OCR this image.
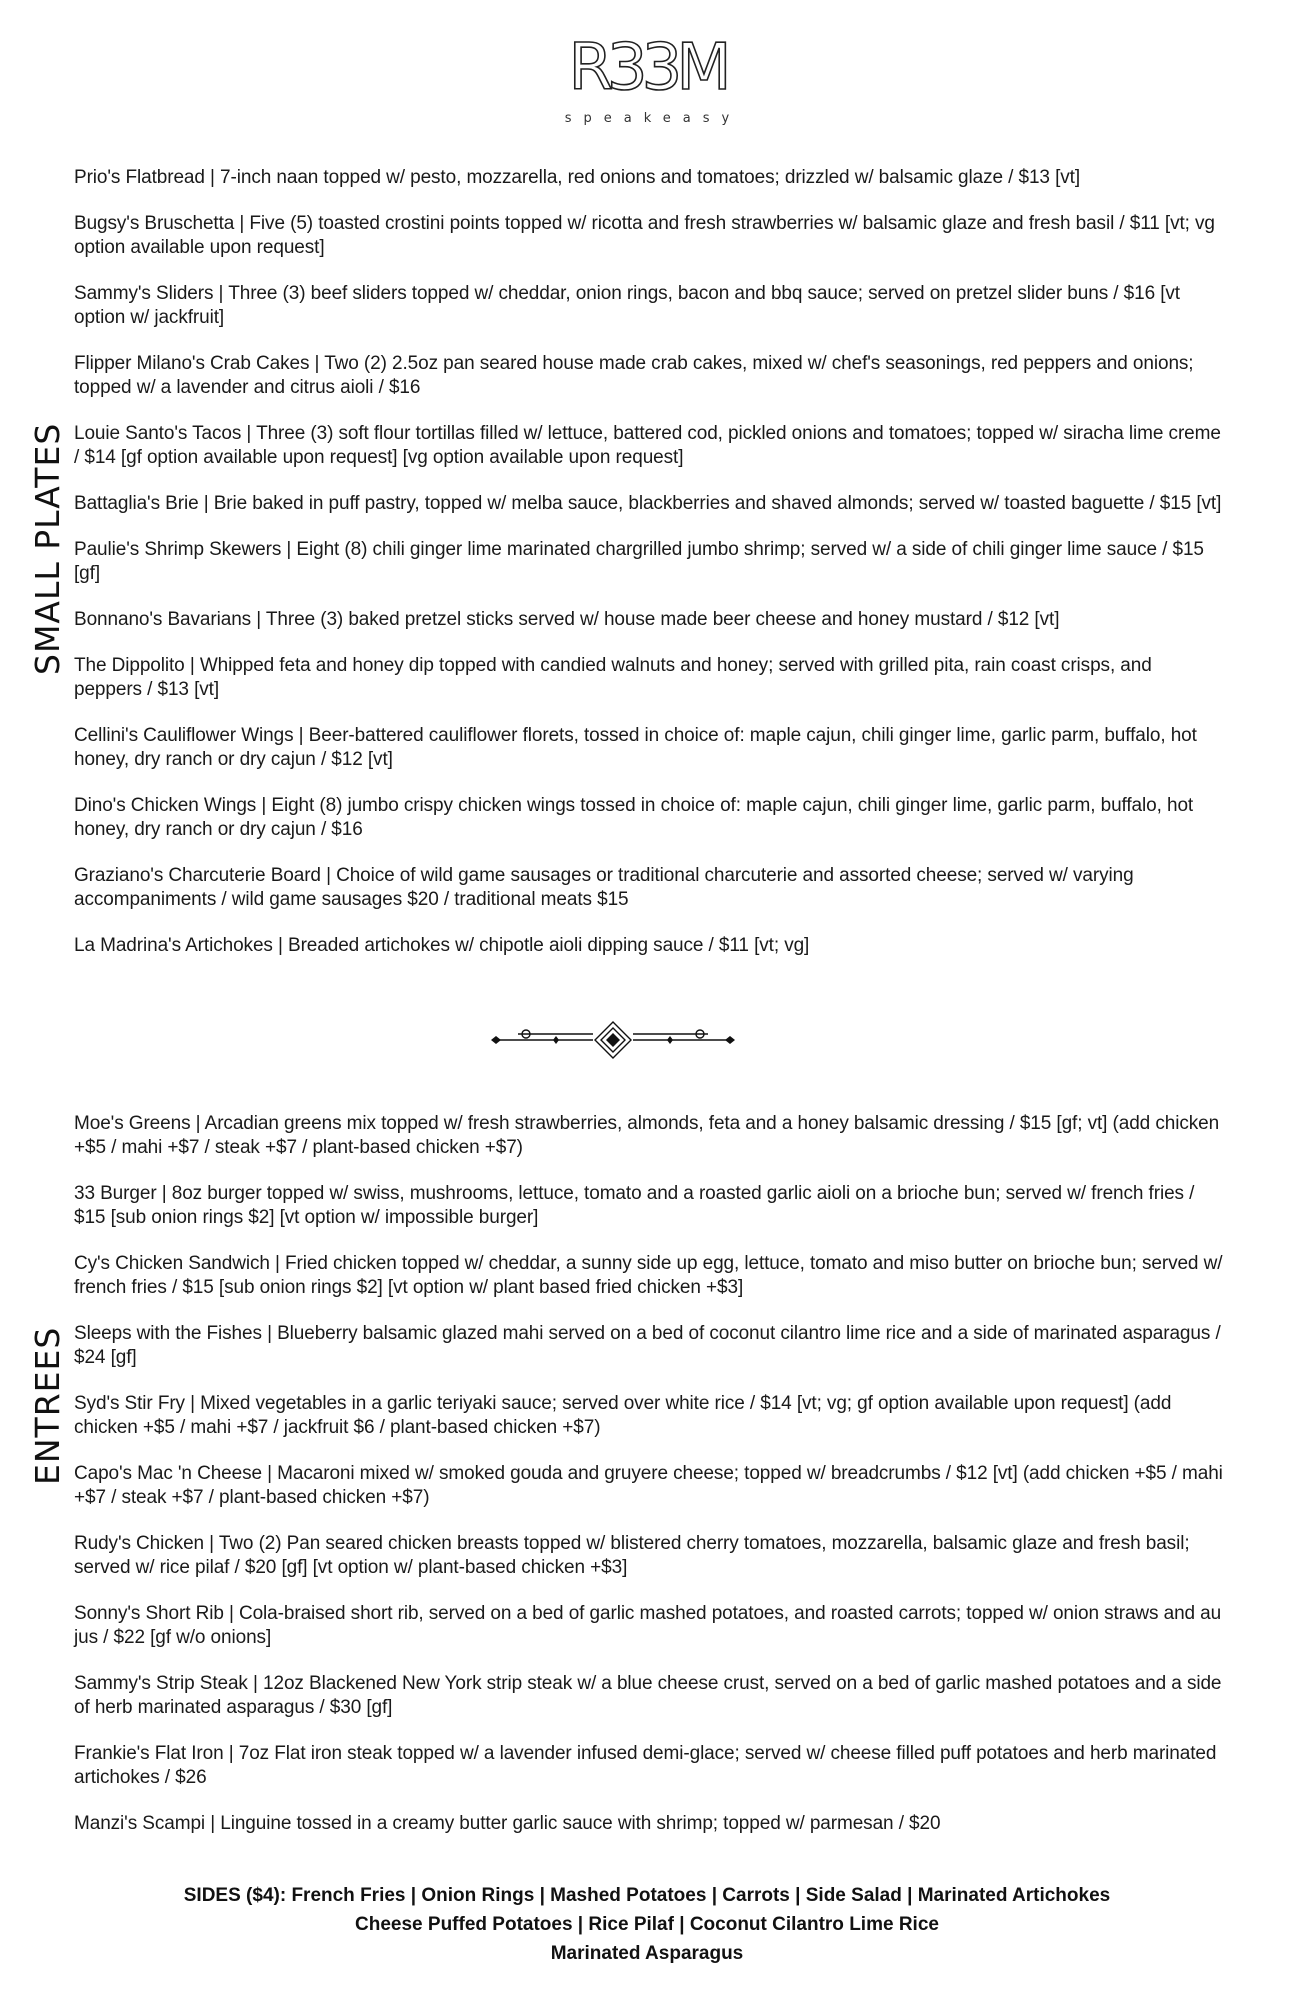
R33M
speakeasy
SMALL PLATES
Prio's Flatbread | 7-inch naan topped w/ pesto, mozzarella, red onions and tomatoes; drizzled w/ balsamic glaze / $13 [vt]
Bugsy's Bruschetta | Five (5) toasted crostini points topped w/ ricotta and fresh strawberries w/ balsamic glaze and fresh basil / $11 [vt; vg option available upon request]
Sammy's Sliders | Three (3) beef sliders topped w/ cheddar, onion rings, bacon and bbq sauce; served on pretzel slider buns / $16 [vt option w/ jackfruit]
Flipper Milano's Crab Cakes | Two (2) 2.5oz pan seared house made crab cakes, mixed w/ chef's seasonings, red peppers and onions; topped w/ a lavender and citrus aioli / $16
Louie Santo's Tacos | Three (3) soft flour tortillas filled w/ lettuce, battered cod, pickled onions and tomatoes; topped w/ siracha lime creme / $14 [gf option available upon request] [vg option available upon request]
Battaglia's Brie | Brie baked in puff pastry, topped w/ melba sauce, blackberries and shaved almonds; served w/ toasted baguette / $15 [vt]
Paulie's Shrimp Skewers | Eight (8) chili ginger lime marinated chargrilled jumbo shrimp; served w/ a side of chili ginger lime sauce / $15 [gf]
Bonnano's Bavarians | Three (3) baked pretzel sticks served w/ house made beer cheese and honey mustard / $12 [vt]
The Dippolito | Whipped feta and honey dip topped with candied walnuts and honey; served with grilled pita, rain coast crisps, and peppers / $13 [vt]
Cellini's Cauliflower Wings | Beer-battered cauliflower florets, tossed in choice of: maple cajun, chili ginger lime, garlic parm, buffalo, hot honey, dry ranch or dry cajun / $12 [vt]
Dino's Chicken Wings | Eight (8) jumbo crispy chicken wings tossed in choice of: maple cajun, chili ginger lime, garlic parm, buffalo, hot honey, dry ranch or dry cajun / $16
Graziano's Charcuterie Board | Choice of wild game sausages or traditional charcuterie and assorted cheese; served w/ varying accompaniments / wild game sausages $20 / traditional meats $15
La Madrina's Artichokes | Breaded artichokes w/ chipotle aioli dipping sauce / $11 [vt; vg]
ENTREES
Moe's Greens | Arcadian greens mix topped w/ fresh strawberries, almonds, feta and a honey balsamic dressing / $15 [gf; vt] (add chicken +$5 / mahi +$7 / steak +$7 / plant-based chicken +$7)
33 Burger | 8oz burger topped w/ swiss, mushrooms, lettuce, tomato and a roasted garlic aioli on a brioche bun; served w/ french fries / $15 [sub onion rings $2] [vt option w/ impossible burger]
Cy's Chicken Sandwich | Fried chicken topped w/ cheddar, a sunny side up egg, lettuce, tomato and miso butter on brioche bun; served w/ french fries / $15 [sub onion rings $2] [vt option w/ plant based fried chicken +$3]
Sleeps with the Fishes | Blueberry balsamic glazed mahi served on a bed of coconut cilantro lime rice and a side of marinated asparagus / $24 [gf]
Syd's Stir Fry | Mixed vegetables in a garlic teriyaki sauce; served over white rice / $14 [vt; vg; gf option available upon request] (add chicken +$5 / mahi +$7 / jackfruit $6 / plant-based chicken +$7)
Capo's Mac 'n Cheese | Macaroni mixed w/ smoked gouda and gruyere cheese; topped w/ breadcrumbs / $12 [vt] (add chicken +$5 / mahi +$7 / steak +$7 / plant-based chicken +$7)
Rudy's Chicken | Two (2) Pan seared chicken breasts topped w/ blistered cherry tomatoes, mozzarella, balsamic glaze and fresh basil; served w/ rice pilaf / $20 [gf] [vt option w/ plant-based chicken +$3]
Sonny's Short Rib | Cola-braised short rib, served on a bed of garlic mashed potatoes, and roasted carrots; topped w/ onion straws and au jus / $22 [gf w/o onions]
Sammy's Strip Steak | 12oz Blackened New York strip steak w/ a blue cheese crust, served on a bed of garlic mashed potatoes and a side of herb marinated asparagus / $30 [gf]
Frankie's Flat Iron | 7oz Flat iron steak topped w/ a lavender infused demi-glace; served w/ cheese filled puff potatoes and herb marinated artichokes / $26
Manzi's Scampi | Linguine tossed in a creamy butter garlic sauce with shrimp; topped w/ parmesan / $20
SIDES ($4): French Fries | Onion Rings | Mashed Potatoes | Carrots | Side Salad | Marinated Artichokes
Cheese Puffed Potatoes | Rice Pilaf | Coconut Cilantro Lime Rice
Marinated Asparagus
